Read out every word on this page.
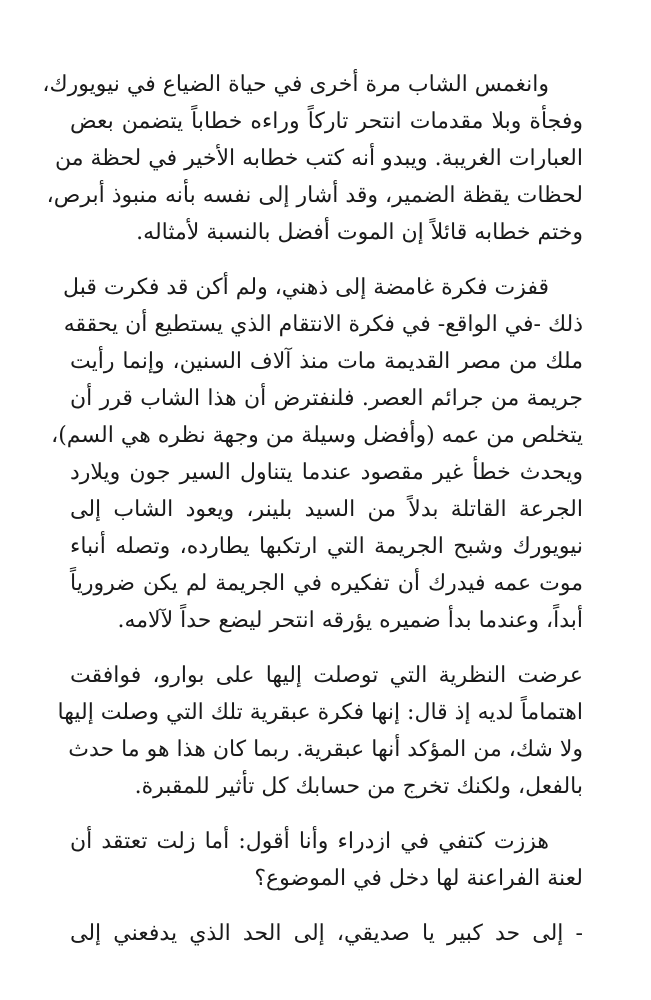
وانغمس الشاب مرة أخرى في حياة الضياع في نيويورك،
وفجأة وبلا مقدمات انتحر تاركاً وراءه خطاباً يتضمن بعض
العبارات الغريبة. ويبدو أنه كتب خطابه الأخير في لحظة من
لحظات يقظة الضمير، وقد أشار إلى نفسه بأنه منبوذ أبرص،
وختم خطابه قائلاً إن الموت أفضل بالنسبة لأمثاله.
قفزت فكرة غامضة إلى ذهني، ولم أكن قد فكرت قبل
ذلك -في الواقع- في فكرة الانتقام الذي يستطيع أن يحققه
ملك من مصر القديمة مات منذ آلاف السنين، وإنما رأيت
جريمة من جرائم العصر. فلنفترض أن هذا الشاب قرر أن
يتخلص من عمه (وأفضل وسيلة من وجهة نظره هي السم)،
ويحدث خطأ غير مقصود عندما يتناول السير جون ويلارد
الجرعة القاتلة بدلاً من السيد بلينر، ويعود الشاب إلى
نيويورك وشبح الجريمة التي ارتكبها يطارده، وتصله أنباء
موت عمه فيدرك أن تفكيره في الجريمة لم يكن ضرورياً
أبداً، وعندما بدأ ضميره يؤرقه انتحر ليضع حداً لآلامه.
عرضت النظرية التي توصلت إليها على بوارو، فوافقت
اهتماماً لديه إذ قال: إنها فكرة عبقرية تلك التي وصلت إليها
ولا شك، من المؤكد أنها عبقرية. ربما كان هذا هو ما حدث
بالفعل، ولكنك تخرج من حسابك كل تأثير للمقبرة.
هززت كتفي في ازدراء وأنا أقول: أما زلت تعتقد أن
لعنة الفراعنة لها دخل في الموضوع؟
- إلى حد كبير يا صديقي، إلى الحد الذي يدفعني إلى
